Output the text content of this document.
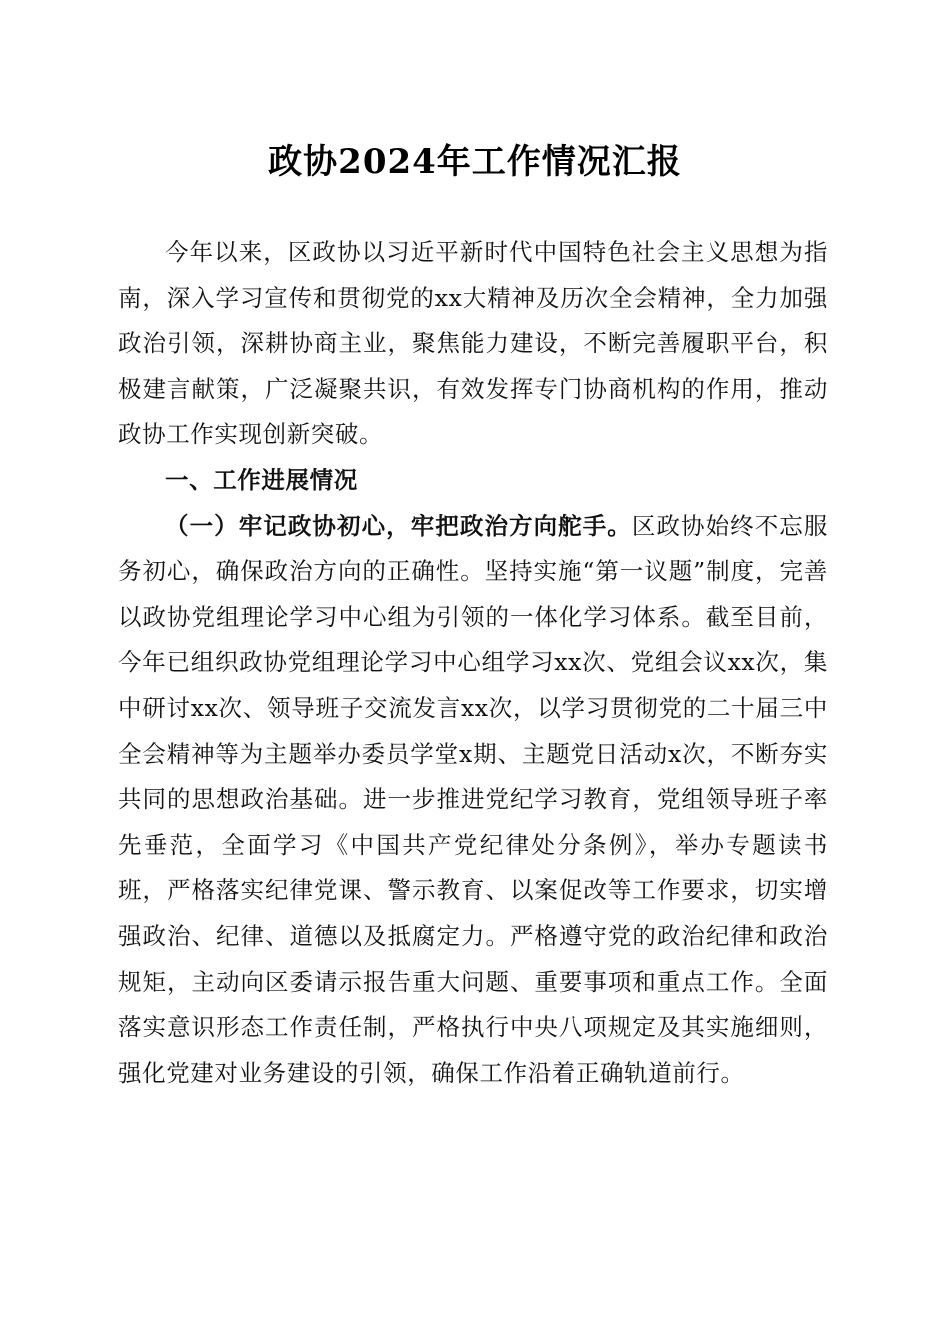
政协2024年工作情况汇报

今年以来，区政协以习近平新时代中国特色社会主义思想为指南，深入学习宣传和贯彻党的xx大精神及历次全会精神，全力加强政治引领，深耕协商主业，聚焦能力建设，不断完善履职平台，积极建言献策，广泛凝聚共识，有效发挥专门协商机构的作用，推动政协工作实现创新突破。

一、工作进展情况

（一）牢记政协初心，牢把政治方向舵手。区政协始终不忘服务初心，确保政治方向的正确性。坚持实施“第一议题”制度，完善以政协党组理论学习中心组为引领的一体化学习体系。截至目前，今年已组织政协党组理论学习中心组学习xx次、党组会议xx次，集中研讨xx次、领导班子交流发言xx次，以学习贯彻党的二十届三中全会精神等为主题举办委员学堂x期、主题党日活动x次，不断夯实共同的思想政治基础。进一步推进党纪学习教育，党组领导班子率先垂范，全面学习《中国共产党纪律处分条例》，举办专题读书班，严格落实纪律党课、警示教育、以案促改等工作要求，切实增强政治、纪律、道德以及抵腐定力。严格遵守党的政治纪律和政治规矩，主动向区委请示报告重大问题、重要事项和重点工作。全面落实意识形态工作责任制，严格执行中央八项规定及其实施细则，强化党建对业务建设的引领，确保工作沿着正确轨道前行。
